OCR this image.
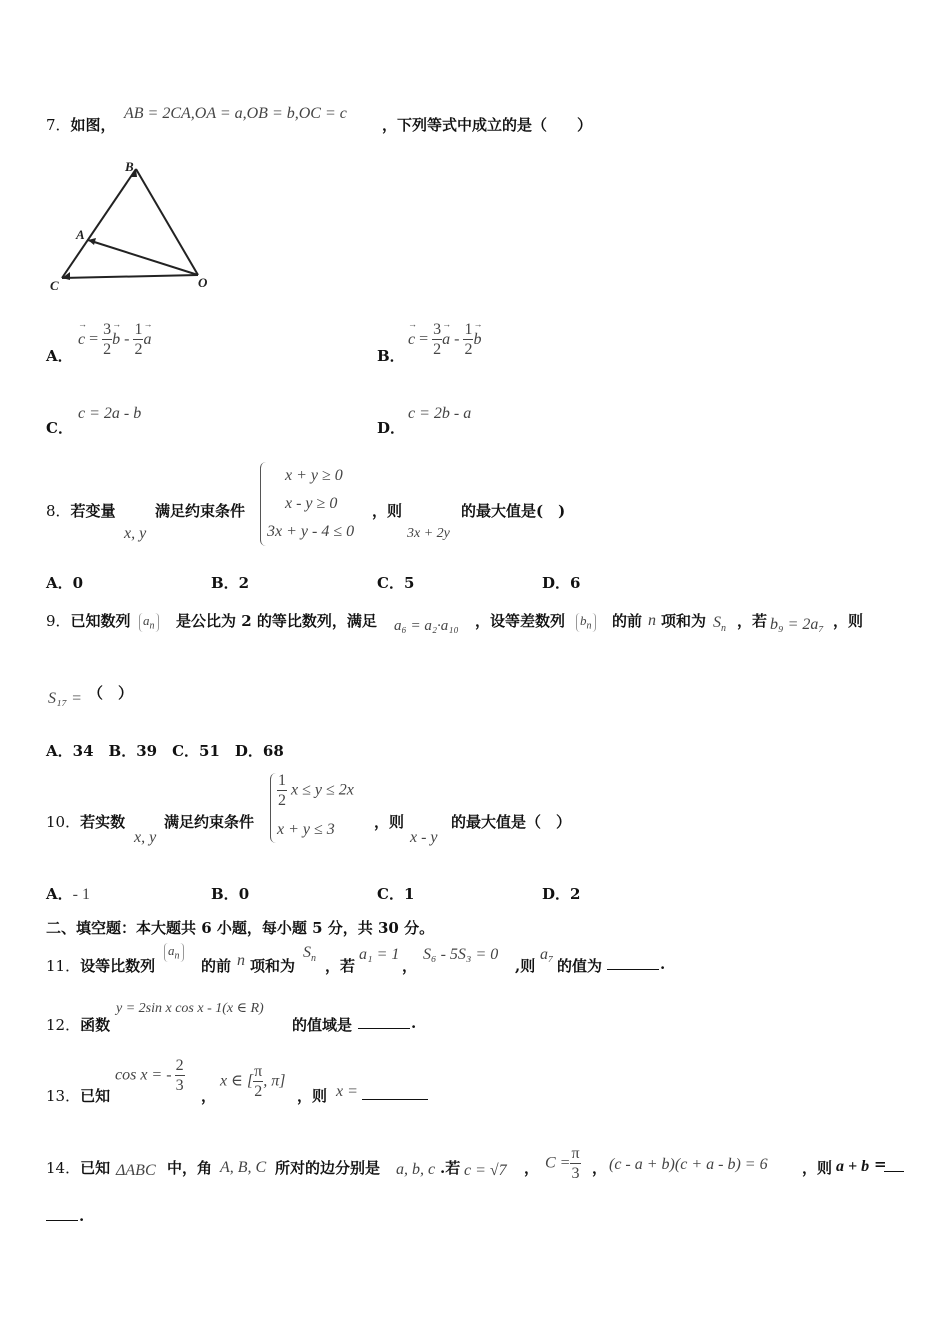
7．如图，
AB = 2CA,OA = a,OB = b,OC = c
，下列等式中成立的是（　　）
B
A
C	O
A．
→ $c = \frac{3}{2}$
→ b - $\frac{1}{2}$
→ a
B．
→ $c = \frac{3}{2}$
→ a - $\frac{1}{2}$
→ b
C．
c = 2a - b
D．
c = 2b - a
8．若变量
x, y
满足约束条件
x + y ≥ 0
x - y ≥ 0
3x + y - 4 ≤ 0
，则
3x + 2y
的最大值是(　)
A．0	B．2	C．5	D．6
9．已知数列 $a_n$ 是公比为 2 的等比数列，满足 a₆ = a₂·a₁₀ ，设等差数列	$b_n$ 的前 n 项和为 $S_n$ ，若 b₉ = 2a₇ ，则
S₁₇ = （　）
A．34　B．39　C．51　D．68
10．若实数
x, y
满足约束条件
$\frac{1}{2}$ x ≤ y ≤ 2x
x + y ≤ 3	，则
x - y
的最大值是（　）
A．- 1	B．0	C．1	D．2
二、填空题：本大题共 6 小题，每小题 5 分，共 30 分。
11．设等比数列
$a_n$
的前 n 项和为
$S_n$ ，若
a₁ = 1
，
S₆ - 5S₃ = 0
,则
a₇
的值为	.
12．函数
y = 2sin x cos x - 1(x ∈ R)
的值域是	.
13．已知
cos x = - $\frac{2}{3}$
，
x ∈ [ $\frac{\pi}{2}$ , π]
，则 x =
14．已知 ΔABC 中，角 A, B, C 所对的边分别是 a, b, c .若 c = √7 ， $C = \frac{\pi}{3}$ ， (c - a + b)(c + a - b) = 6 ，则 a + b =
.
